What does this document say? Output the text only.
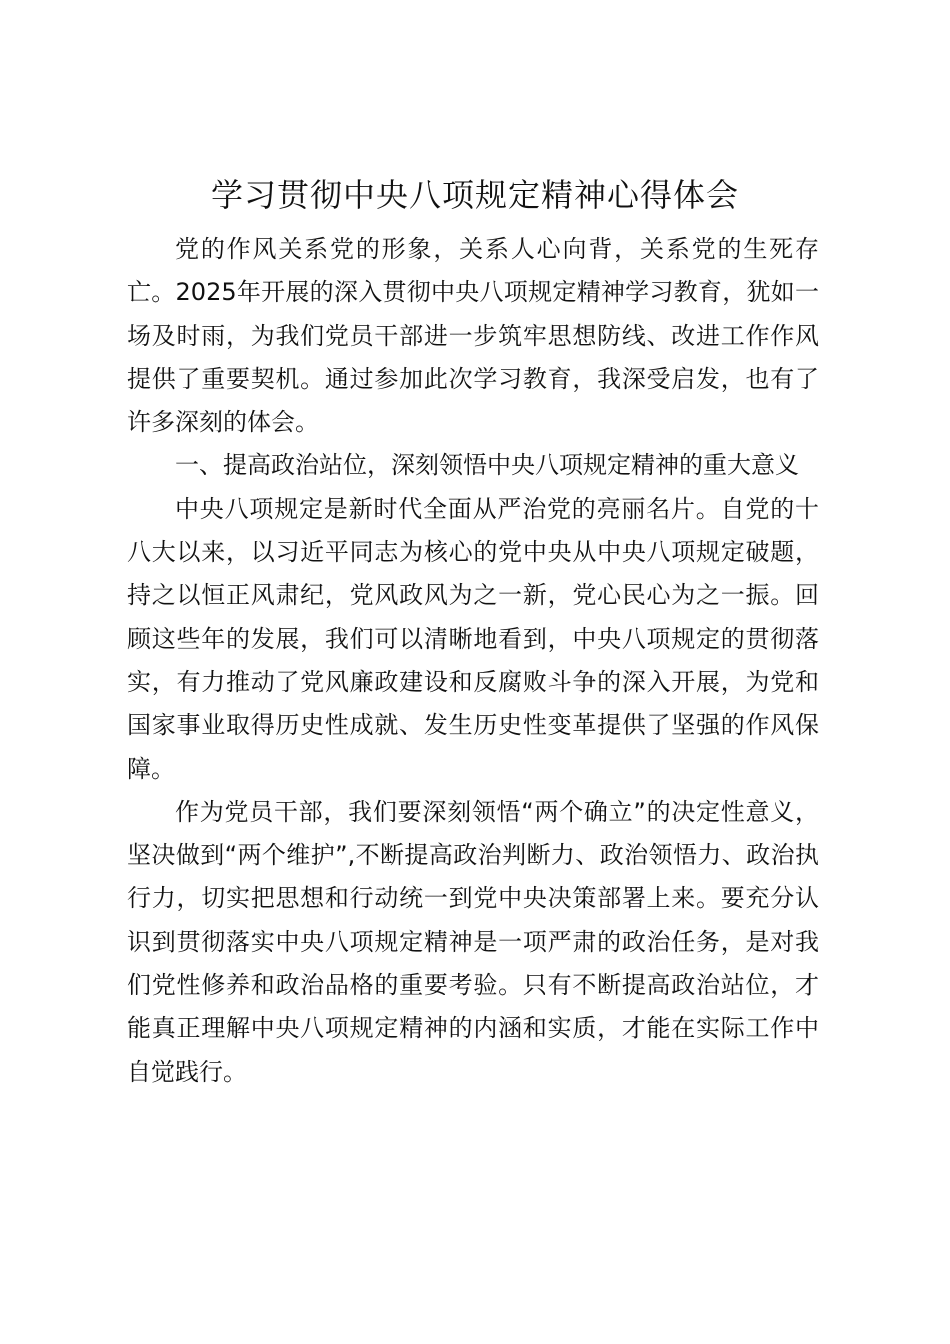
学习贯彻中央八项规定精神心得体会

党的作风关系党的形象，关系人心向背，关系党的生死存亡。2025年开展的深入贯彻中央八项规定精神学习教育，犹如一场及时雨，为我们党员干部进一步筑牢思想防线、改进工作作风提供了重要契机。通过参加此次学习教育，我深受启发，也有了许多深刻的体会。

一、提高政治站位，深刻领悟中央八项规定精神的重大意义

中央八项规定是新时代全面从严治党的亮丽名片。自党的十八大以来，以习近平同志为核心的党中央从中央八项规定破题，持之以恒正风肃纪，党风政风为之一新，党心民心为之一振。回顾这些年的发展，我们可以清晰地看到，中央八项规定的贯彻落实，有力推动了党风廉政建设和反腐败斗争的深入开展，为党和国家事业取得历史性成就、发生历史性变革提供了坚强的作风保障。

作为党员干部，我们要深刻领悟“两个确立”的决定性意义，坚决做到“两个维护”,不断提高政治判断力、政治领悟力、政治执行力，切实把思想和行动统一到党中央决策部署上来。要充分认识到贯彻落实中央八项规定精神是一项严肃的政治任务，是对我们党性修养和政治品格的重要考验。只有不断提高政治站位，才能真正理解中央八项规定精神的内涵和实质，才能在实际工作中自觉践行。
